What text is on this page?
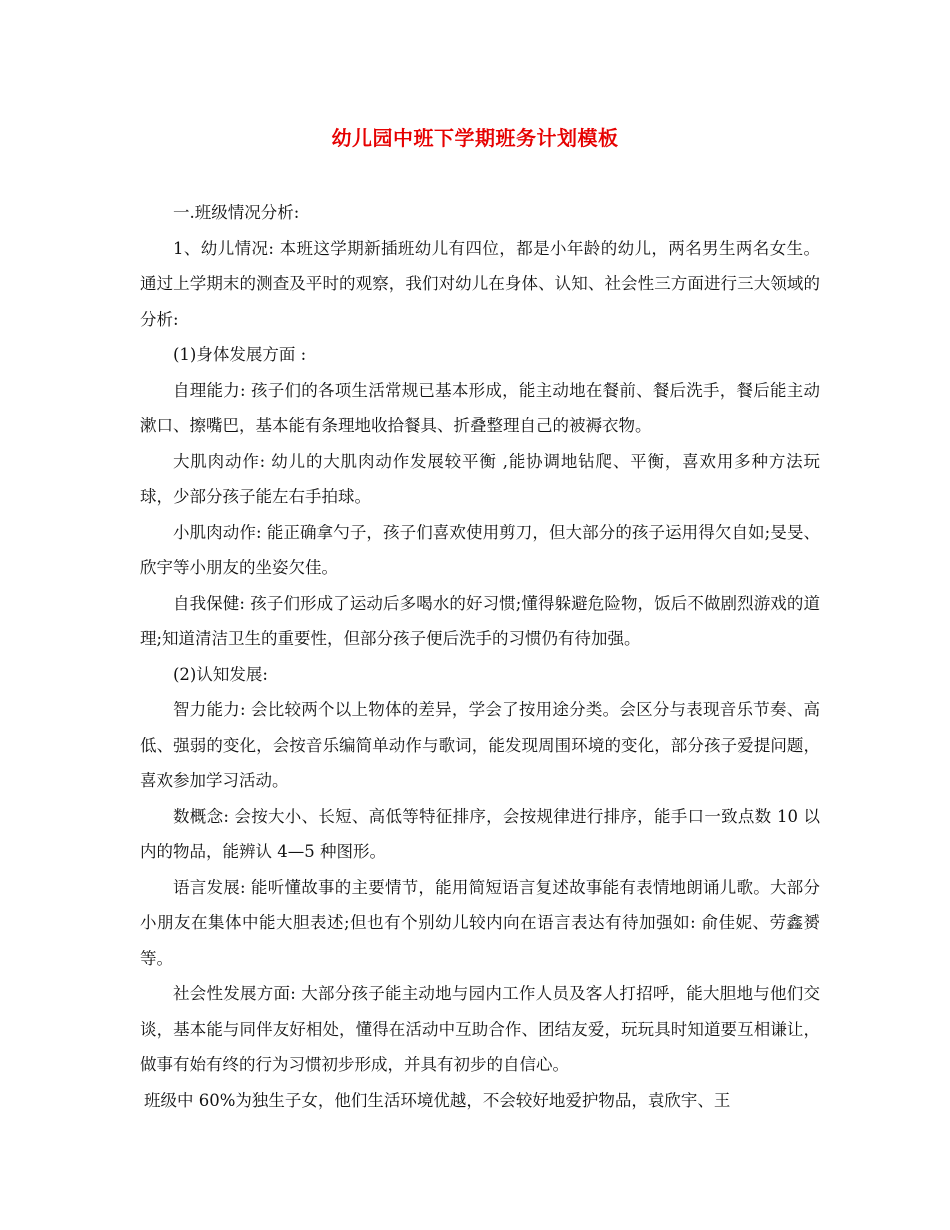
幼儿园中班下学期班务计划模板

一.班级情况分析:

1、幼儿情况: 本班这学期新插班幼儿有四位，都是小年龄的幼儿，两名男生两名女生。通过上学期末的测查及平时的观察，我们对幼儿在身体、认知、社会性三方面进行三大领域的分析:

(1)身体发展方面 :

自理能力: 孩子们的各项生活常规已基本形成，能主动地在餐前、餐后洗手，餐后能主动漱口、擦嘴巴，基本能有条理地收拾餐具、折叠整理自己的被褥衣物。

大肌肉动作: 幼儿的大肌肉动作发展较平衡 ,能协调地钻爬、平衡，喜欢用多种方法玩球，少部分孩子能左右手拍球。

小肌肉动作: 能正确拿勺子，孩子们喜欢使用剪刀，但大部分的孩子运用得欠自如;旻旻、欣宇等小朋友的坐姿欠佳。

自我保健: 孩子们形成了运动后多喝水的好习惯;懂得躲避危险物，饭后不做剧烈游戏的道理;知道清洁卫生的重要性，但部分孩子便后洗手的习惯仍有待加强。

(2)认知发展:

智力能力: 会比较两个以上物体的差异，学会了按用途分类。会区分与表现音乐节奏、高低、强弱的变化，会按音乐编简单动作与歌词，能发现周围环境的变化，部分孩子爱提问题，喜欢参加学习活动。

数概念: 会按大小、长短、高低等特征排序，会按规律进行排序，能手口一致点数 10 以内的物品，能辨认 4—5 种图形。

语言发展: 能听懂故事的主要情节，能用简短语言复述故事能有表情地朗诵儿歌。大部分小朋友在集体中能大胆表述;但也有个别幼儿较内向在语言表达有待加强如: 俞佳妮、劳鑫赟等。

社会性发展方面: 大部分孩子能主动地与园内工作人员及客人打招呼，能大胆地与他们交谈，基本能与同伴友好相处，懂得在活动中互助合作、团结友爱，玩玩具时知道要互相谦让，做事有始有终的行为习惯初步形成，并具有初步的自信心。

班级中 60%为独生子女，他们生活环境优越，不会较好地爱护物品，袁欣宇、王
